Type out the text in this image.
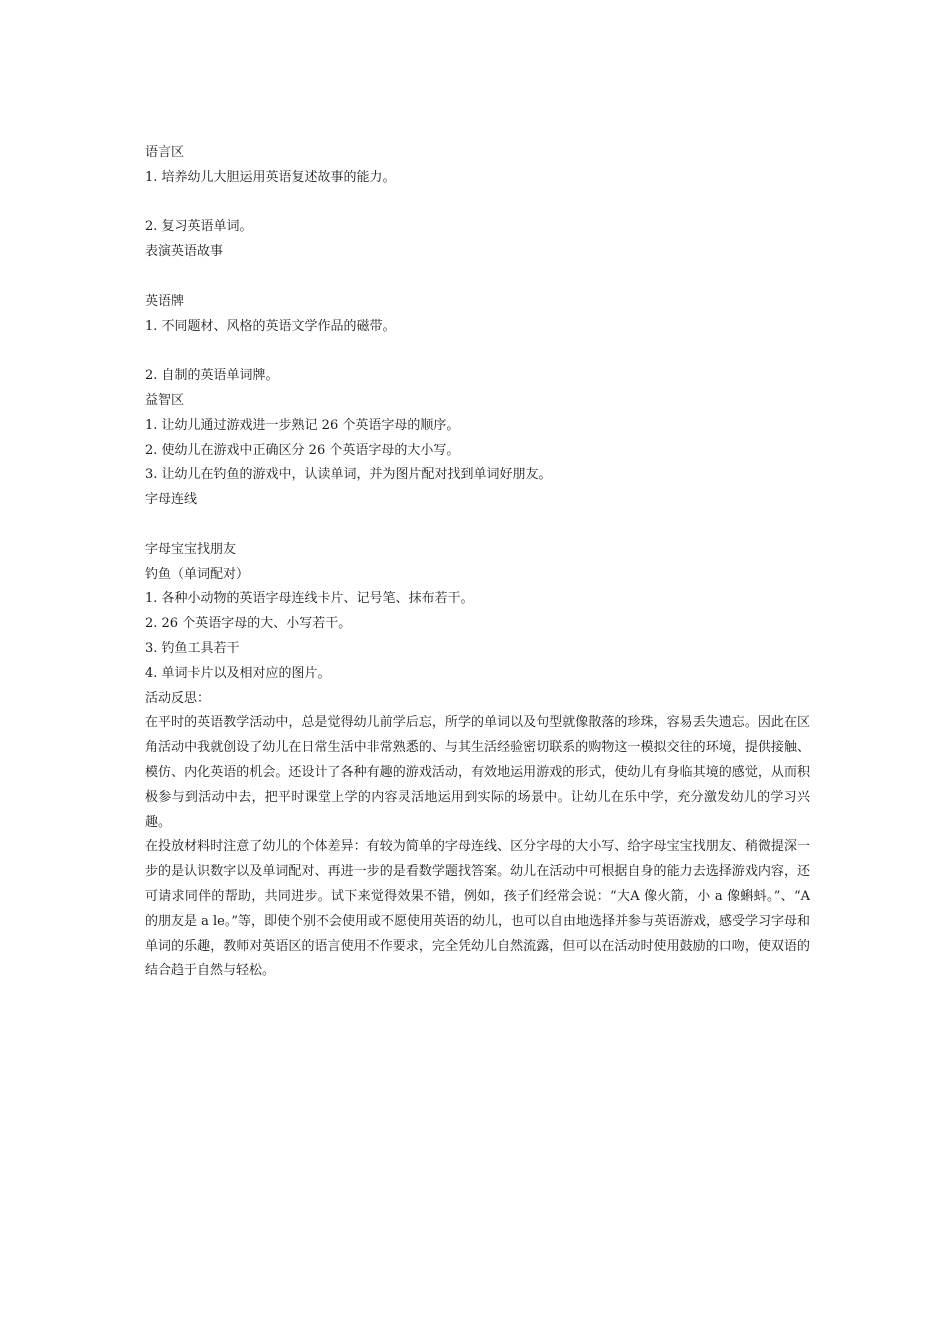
语言区
1. 培养幼儿大胆运用英语复述故事的能力。
2. 复习英语单词。
表演英语故事
英语牌
1. 不同题材、风格的英语文学作品的磁带。
2. 自制的英语单词牌。
益智区
1. 让幼儿通过游戏进一步熟记 26 个英语字母的顺序。
2. 使幼儿在游戏中正确区分 26 个英语字母的大小写。
3. 让幼儿在钓鱼的游戏中，认读单词，并为图片配对找到单词好朋友。
字母连线
字母宝宝找朋友
钓鱼（单词配对）
1. 各种小动物的英语字母连线卡片、记号笔、抹布若干。
2. 26 个英语字母的大、小写若干。
3. 钓鱼工具若干
4. 单词卡片以及相对应的图片。
活动反思：
在平时的英语教学活动中，总是觉得幼儿前学后忘，所学的单词以及句型就像散落的珍珠，容易丢失遗忘。因此在区角活动中我就创设了幼儿在日常生活中非常熟悉的、与其生活经验密切联系的购物这一模拟交往的环境，提供接触、模仿、内化英语的机会。还设计了各种有趣的游戏活动，有效地运用游戏的形式，使幼儿有身临其境的感觉，从而积极参与到活动中去，把平时课堂上学的内容灵活地运用到实际的场景中。让幼儿在乐中学，充分激发幼儿的学习兴趣。
在投放材料时注意了幼儿的个体差异：有较为简单的字母连线、区分字母的大小写、给字母宝宝找朋友、稍微提深一步的是认识数字以及单词配对、再进一步的是看数学题找答案。幼儿在活动中可根据自身的能力去选择游戏内容，还可请求同伴的帮助，共同进步。试下来觉得效果不错，例如，孩子们经常会说：“大A 像火箭，小 a 像蝌蚪。”、“A 的朋友是 a le。”等，即使个别不会使用或不愿使用英语的幼儿，也可以自由地选择并参与英语游戏，感受学习字母和单词的乐趣，教师对英语区的语言使用不作要求，完全凭幼儿自然流露，但可以在活动时使用鼓励的口吻，使双语的结合趋于自然与轻松。
